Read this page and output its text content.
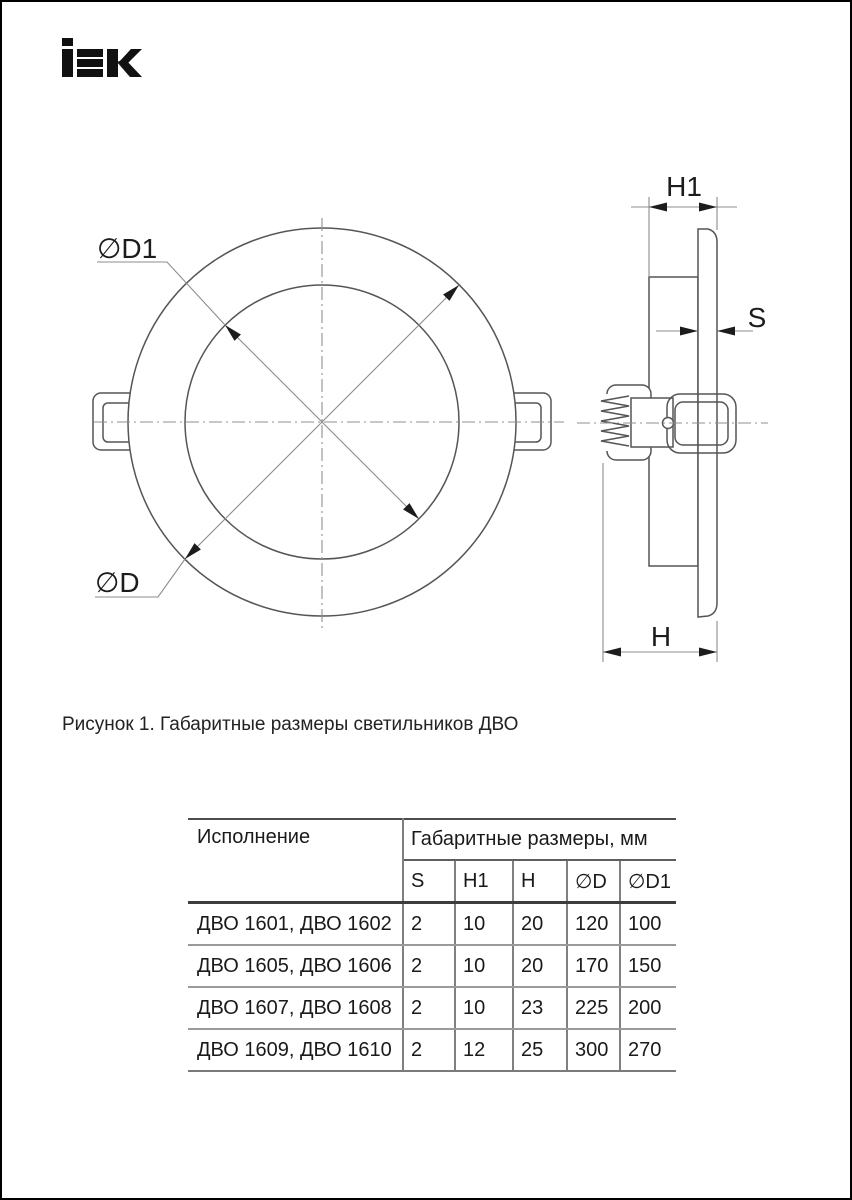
∅D1
∅D
H1
S
H
Рисунок 1. Габаритные размеры светильников ДВО
Исполнение	Габаритные размеры, мм				
	S	H1	H	∅D	∅D1
ДВО 1601, ДВО 1602	2	10	20	120	100
ДВО 1605, ДВО 1606	2	10	20	170	150
ДВО 1607, ДВО 1608	2	10	23	225	200
ДВО 1609, ДВО 1610	2	12	25	300	270
